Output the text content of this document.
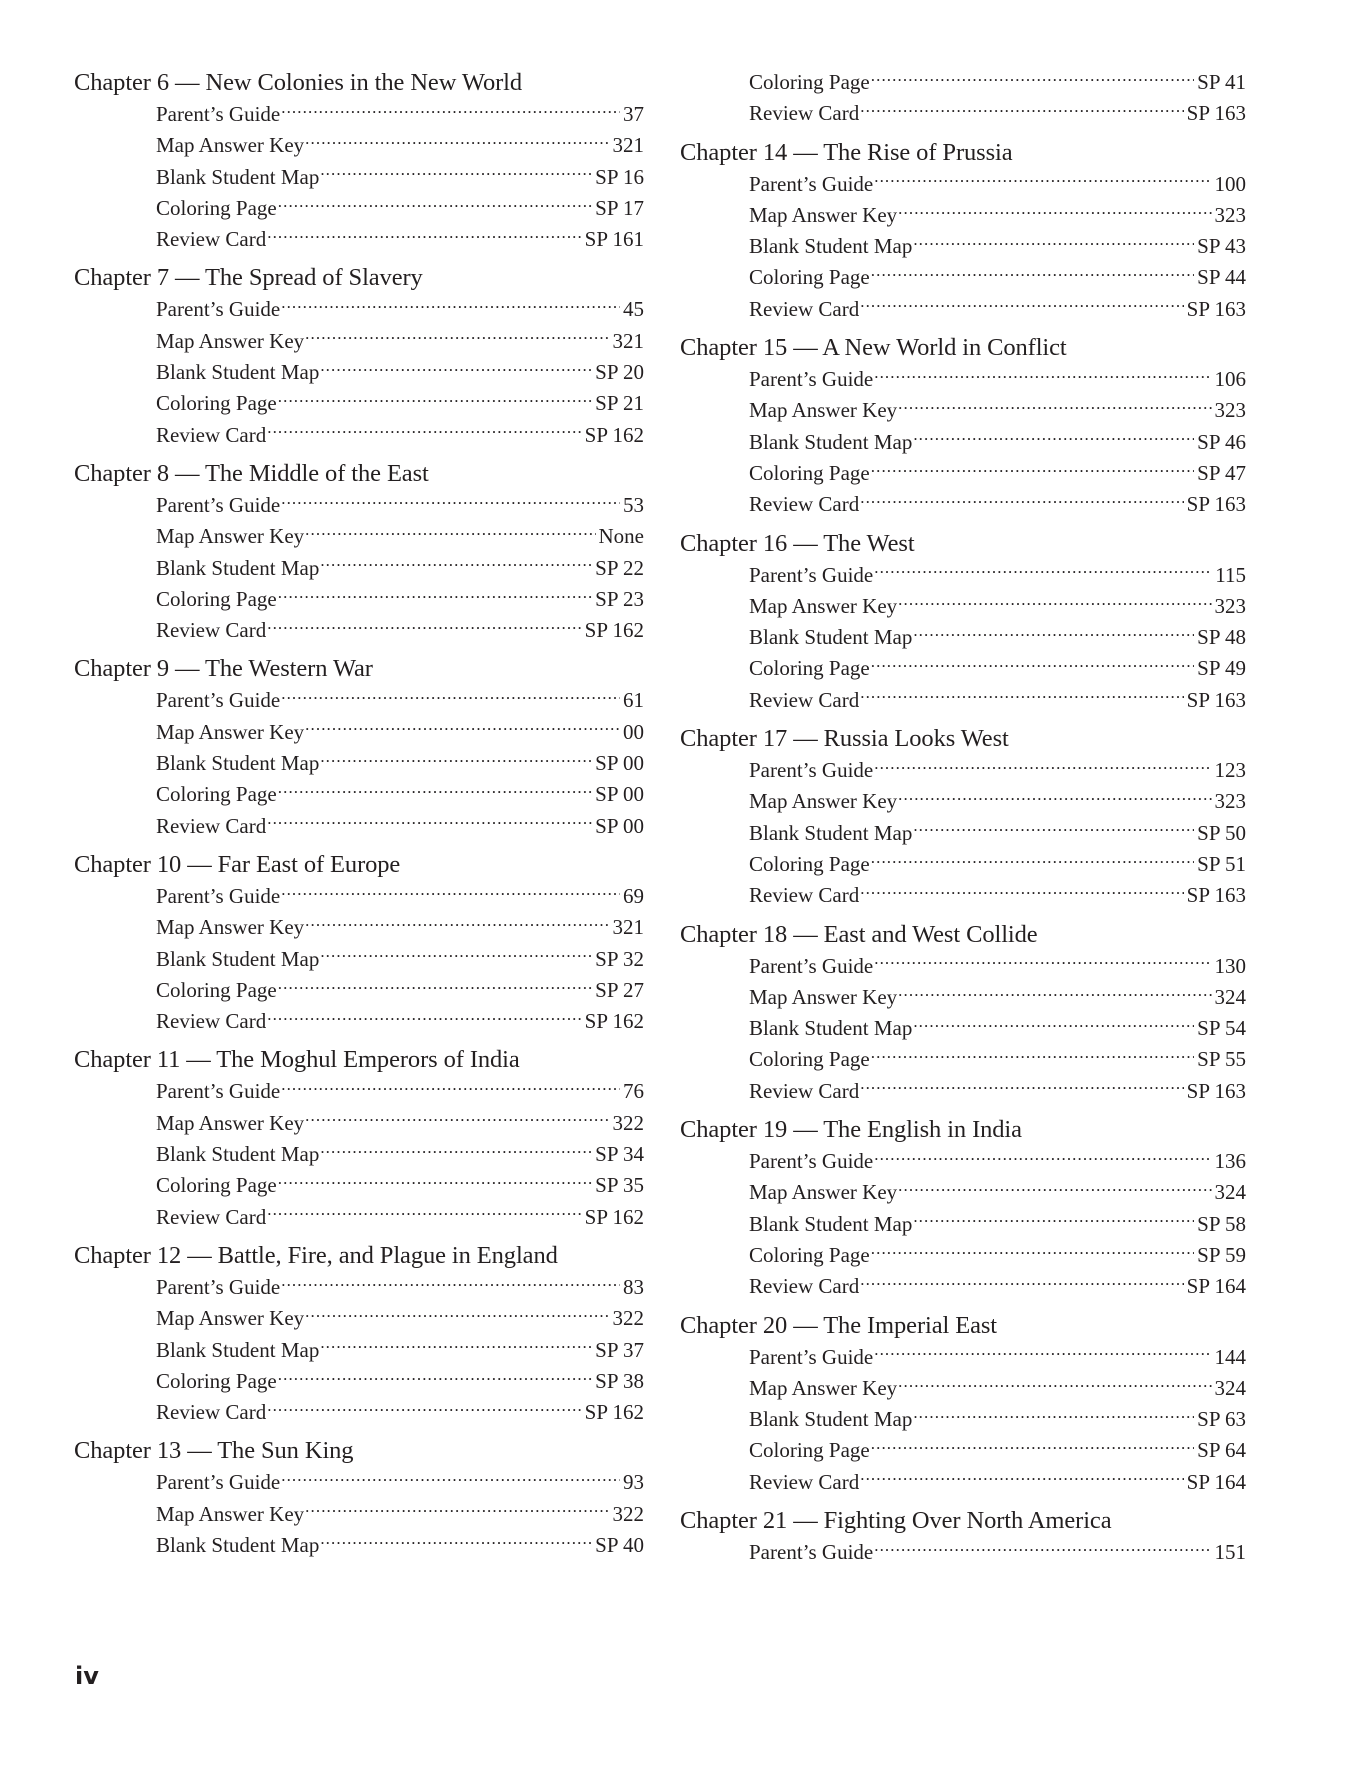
Chapter 6 — New Colonies in the New World
Parent’s Guide .....	37
Map Answer Key .....	321
Blank Student Map .....	SP 16
Coloring Page .....	SP 17
Review Card .....	SP 161
Chapter 7 — The Spread of Slavery
Parent’s Guide .....	45
Map Answer Key .....	321
Blank Student Map .....	SP 20
Coloring Page .....	SP 21
Review Card .....	SP 162
Chapter 8 — The Middle of the East
Parent’s Guide .....	53
Map Answer Key .....	None
Blank Student Map .....	SP 22
Coloring Page .....	SP 23
Review Card .....	SP 162
Chapter 9 — The Western War
Parent’s Guide .....	61
Map Answer Key .....	00
Blank Student Map .....	SP 00
Coloring Page .....	SP 00
Review Card .....	SP 00
Chapter 10 — Far East of Europe
Parent’s Guide .....	69
Map Answer Key .....	321
Blank Student Map .....	SP 32
Coloring Page .....	SP 27
Review Card .....	SP 162
Chapter 11 — The Moghul Emperors of India
Parent’s Guide .....	76
Map Answer Key .....	322
Blank Student Map .....	SP 34
Coloring Page .....	SP 35
Review Card .....	SP 162
Chapter 12 — Battle, Fire, and Plague in England
Parent’s Guide .....	83
Map Answer Key .....	322
Blank Student Map .....	SP 37
Coloring Page .....	SP 38
Review Card .....	SP 162
Chapter 13 — The Sun King
Parent’s Guide .....	93
Map Answer Key .....	322
Blank Student Map .....	SP 40
Coloring Page .....	SP 41
Review Card .....	SP 163
Chapter 14 — The Rise of Prussia
Parent’s Guide .....	100
Map Answer Key .....	323
Blank Student Map .....	SP 43
Coloring Page .....	SP 44
Review Card .....	SP 163
Chapter 15 — A New World in Conflict
Parent’s Guide .....	106
Map Answer Key .....	323
Blank Student Map .....	SP 46
Coloring Page .....	SP 47
Review Card .....	SP 163
Chapter 16 — The West
Parent’s Guide .....	115
Map Answer Key .....	323
Blank Student Map .....	SP 48
Coloring Page .....	SP 49
Review Card .....	SP 163
Chapter 17 — Russia Looks West
Parent’s Guide .....	123
Map Answer Key .....	323
Blank Student Map .....	SP 50
Coloring Page .....	SP 51
Review Card .....	SP 163
Chapter 18 — East and West Collide
Parent’s Guide .....	130
Map Answer Key .....	324
Blank Student Map .....	SP 54
Coloring Page .....	SP 55
Review Card .....	SP 163
Chapter 19 — The English in India
Parent’s Guide .....	136
Map Answer Key .....	324
Blank Student Map .....	SP 58
Coloring Page .....	SP 59
Review Card .....	SP 164
Chapter 20 — The Imperial East
Parent’s Guide .....	144
Map Answer Key .....	324
Blank Student Map .....	SP 63
Coloring Page .....	SP 64
Review Card .....	SP 164
Chapter 21 — Fighting Over North America
Parent’s Guide .....	151
iv
